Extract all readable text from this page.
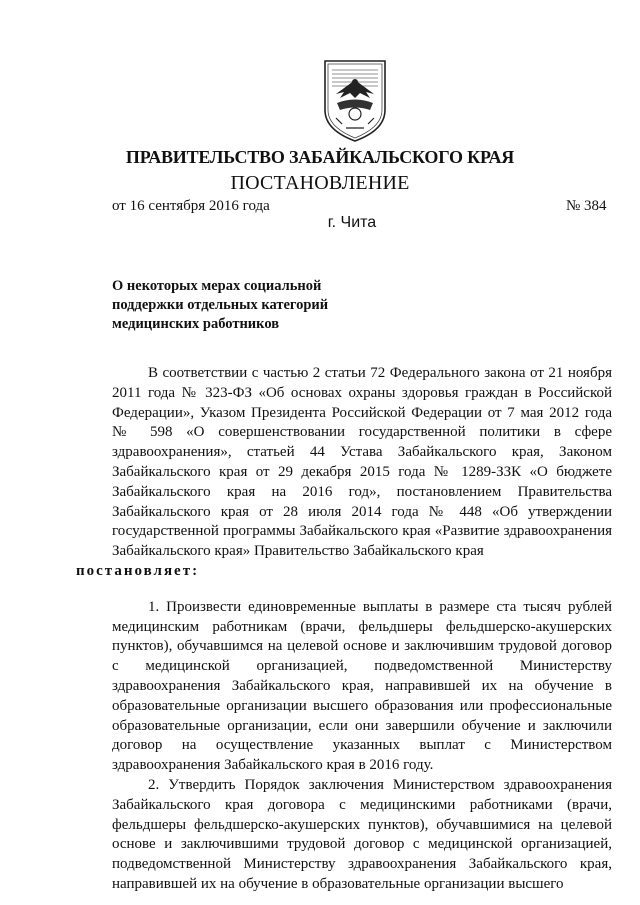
ПРАВИТЕЛЬСТВО ЗАБАЙКАЛЬСКОГО КРАЯ
ПОСТАНОВЛЕНИЕ
от 16 сентября 2016 года	№ 384
г. Чита
О некоторых мерах социальной
поддержки отдельных категорий
медицинских работников

В соответствии с частью 2 статьи 72 Федерального закона от 21 ноября 2011 года № 323-ФЗ «Об основах охраны здоровья граждан в Российской Федерации», Указом Президента Российской Федерации от 7 мая 2012 года № 598 «О совершенствовании государственной политики в сфере здравоохранения», статьей 44 Устава Забайкальского края, Законом Забайкальского края от 29 декабря 2015 года № 1289-ЗЗК «О бюджете Забайкальского края на 2016 год», постановлением Правительства Забайкальского края от 28 июля 2014 года № 448 «Об утверждении государственной программы Забайкальского края «Развитие здравоохранения Забайкальского края» Правительство Забайкальского края
постановляет:

1. Произвести единовременные выплаты в размере ста тысяч рублей медицинским работникам (врачи, фельдшеры фельдшерско-акушерских пунктов), обучавшимся на целевой основе и заключившим трудовой договор с медицинской организацией, подведомственной Министерству здравоохранения Забайкальского края, направившей их на обучение в образовательные организации высшего образования или профессиональные образовательные организации, если они завершили обучение и заключили договор на осуществление указанных выплат с Министерством здравоохранения Забайкальского края в 2016 году.

2. Утвердить Порядок заключения Министерством здравоохранения Забайкальского края договора с медицинскими работниками (врачи, фельдшеры фельдшерско-акушерских пунктов), обучавшимися на целевой основе и заключившими трудовой договор с медицинской организацией, подведомственной Министерству здравоохранения Забайкальского края, направившей их на обучение в образовательные организации высшего
